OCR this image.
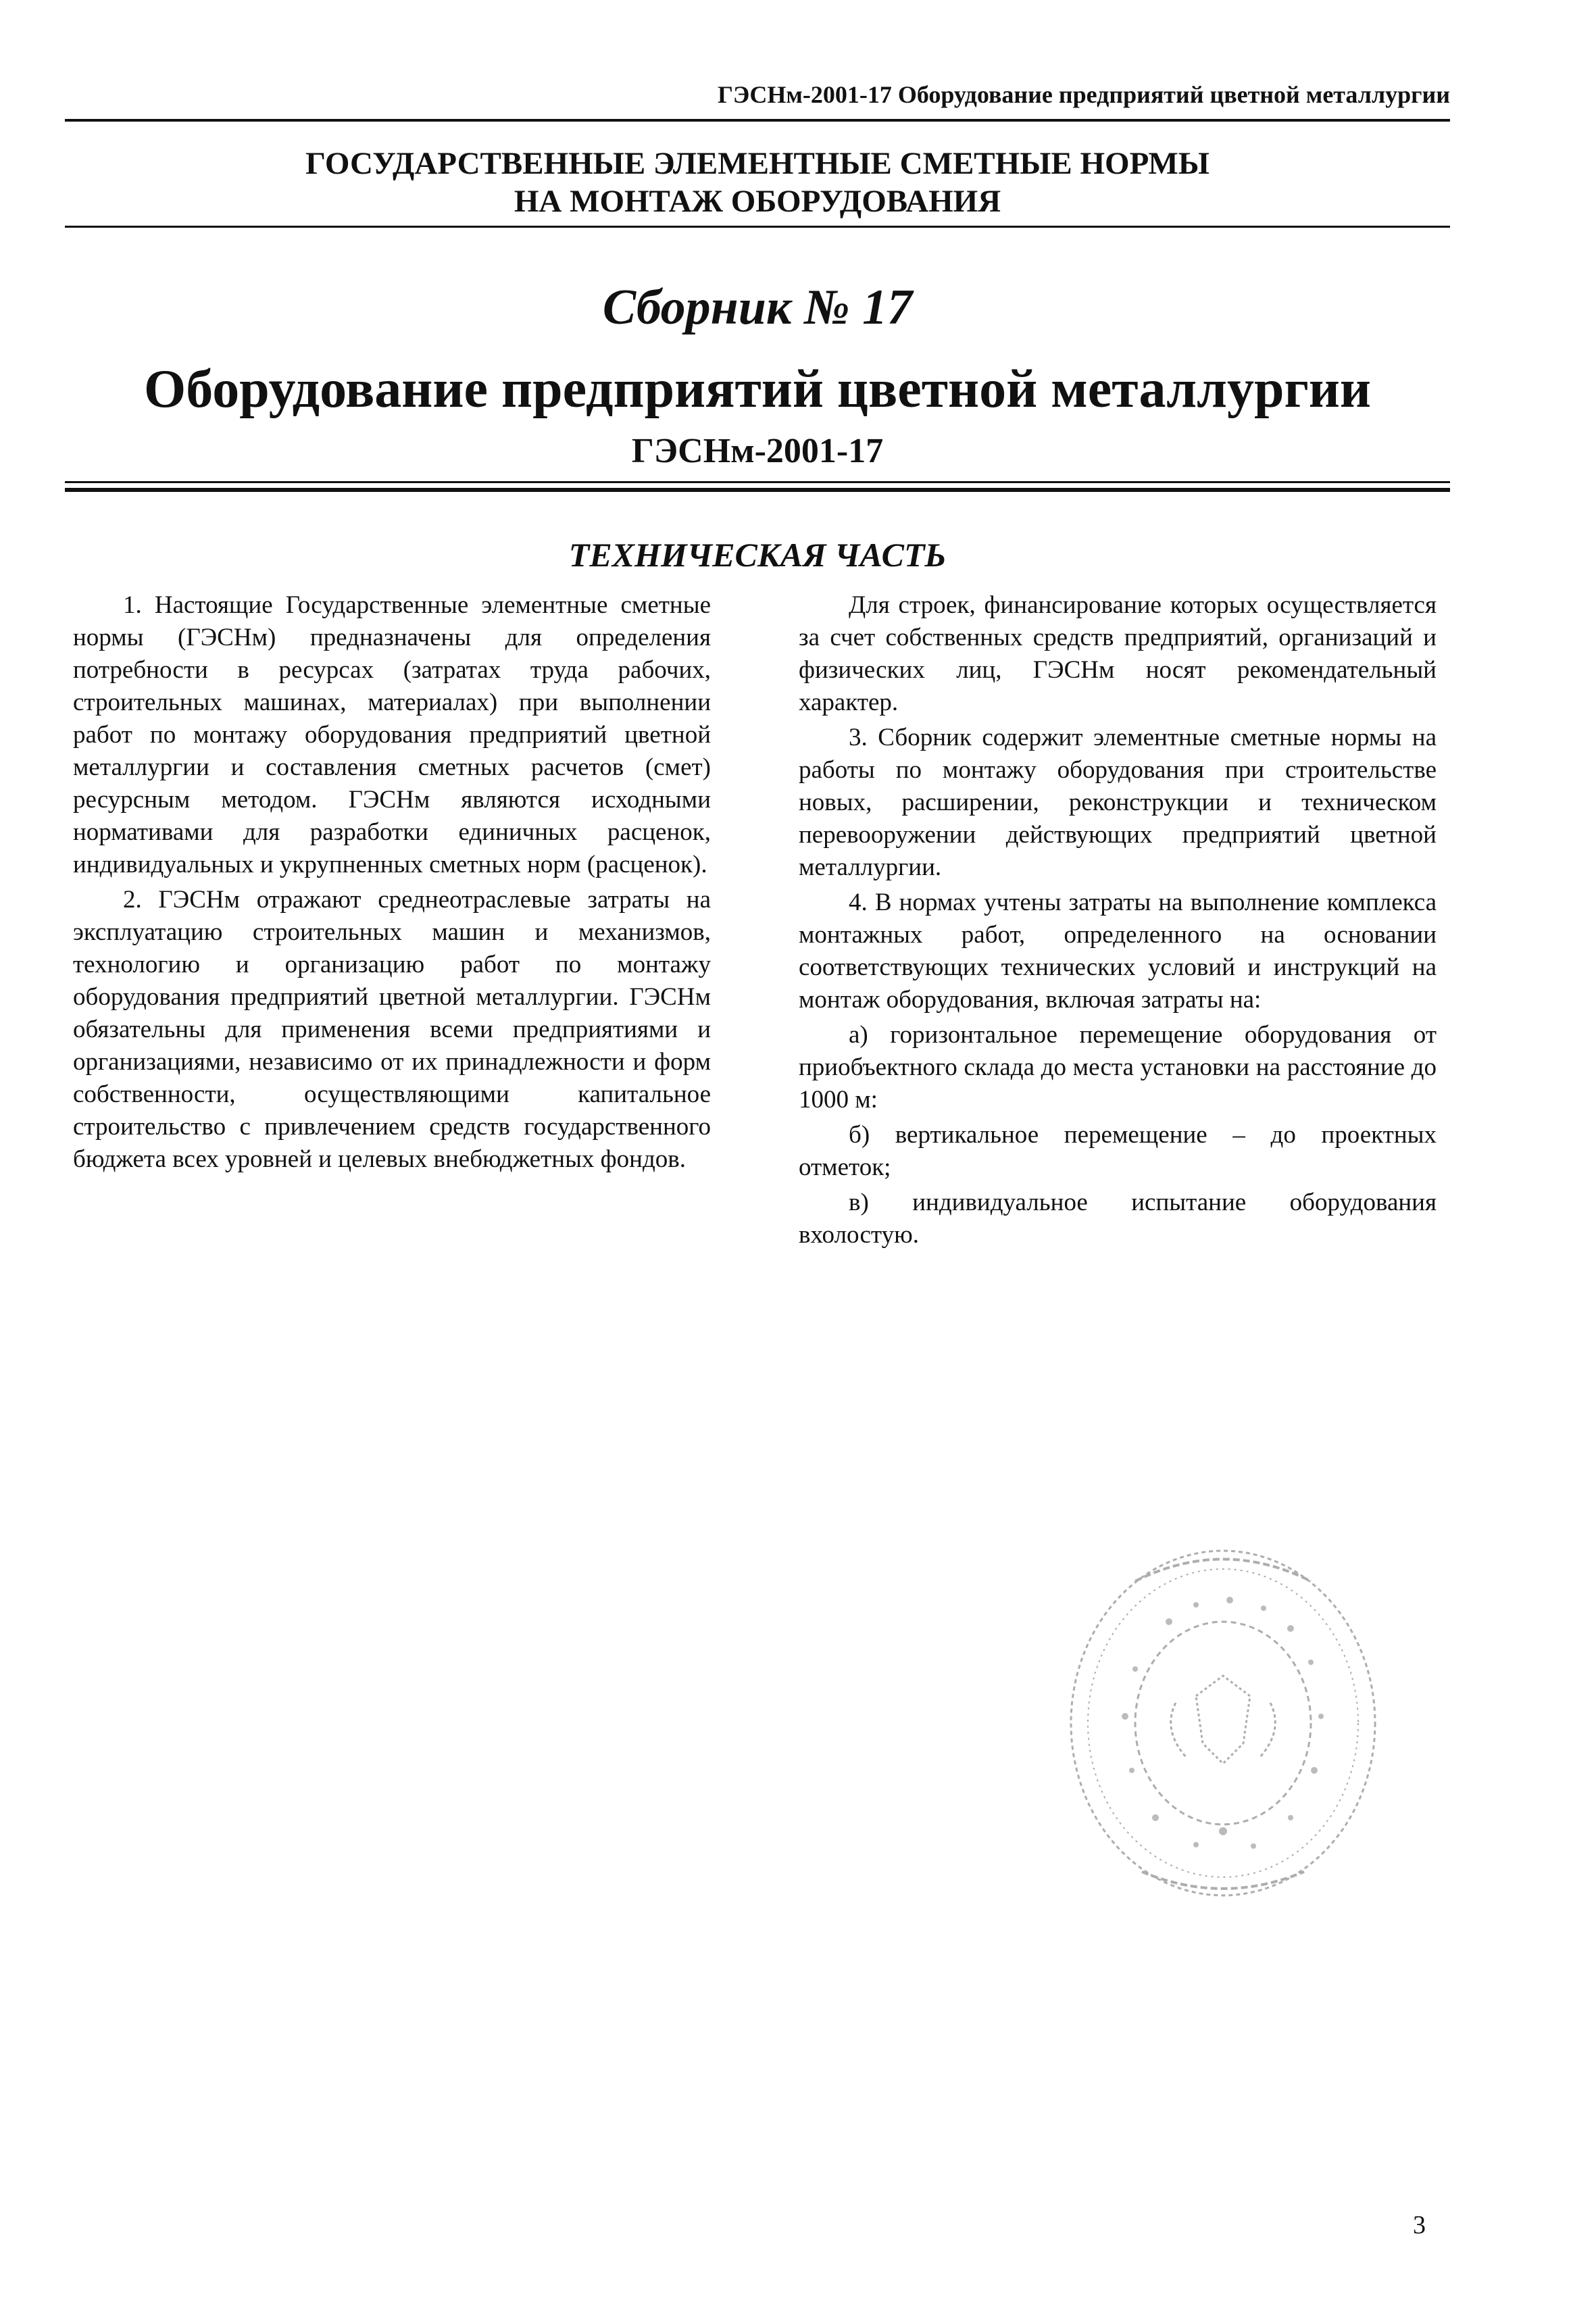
ГЭСНм-2001-17 Оборудование предприятий цветной металлургии
ГОСУДАРСТВЕННЫЕ ЭЛЕМЕНТНЫЕ СМЕТНЫЕ НОРМЫ
НА МОНТАЖ ОБОРУДОВАНИЯ
Сборник № 17
Оборудование предприятий цветной металлургии
ГЭСНм-2001-17
ТЕХНИЧЕСКАЯ ЧАСТЬ

1. Настоящие Государственные элементные сметные нормы (ГЭСНм) предназначены для определения потребности в ресурсах (затратах труда рабочих, строительных машинах, материалах) при выполнении работ по монтажу оборудования предприятий цветной металлургии и составления сметных расчетов (смет) ресурсным методом. ГЭСНм являются исходными нормативами для разработки единичных расценок, индивидуальных и укрупненных сметных норм (расценок).

2. ГЭСНм отражают среднеотраслевые затраты на эксплуатацию строительных машин и механизмов, технологию и организацию работ по монтажу оборудования предприятий цветной металлургии. ГЭСНм обязательны для применения всеми предприятиями и организациями, независимо от их принадлежности и форм собственности, осуществляющими капитальное строительство с привлечением средств государственного бюджета всех уровней и целевых внебюджетных фондов.

Для строек, финансирование которых осуществляется за счет собственных средств предприятий, организаций и физических лиц, ГЭСНм носят рекомендательный характер.

3. Сборник содержит элементные сметные нормы на работы по монтажу оборудования при строительстве новых, расширении, реконструкции и техническом перевооружении действующих предприятий цветной металлургии.

4. В нормах учтены затраты на выполнение комплекса монтажных работ, определенного на основании соответствующих технических условий и инструкций на монтаж оборудования, включая затраты на:

а) горизонтальное перемещение оборудования от приобъектного склада до места установки на расстояние до 1000 м:

б) вертикальное перемещение – до проектных отметок;

в) индивидуальное испытание оборудования вхолостую.

3
